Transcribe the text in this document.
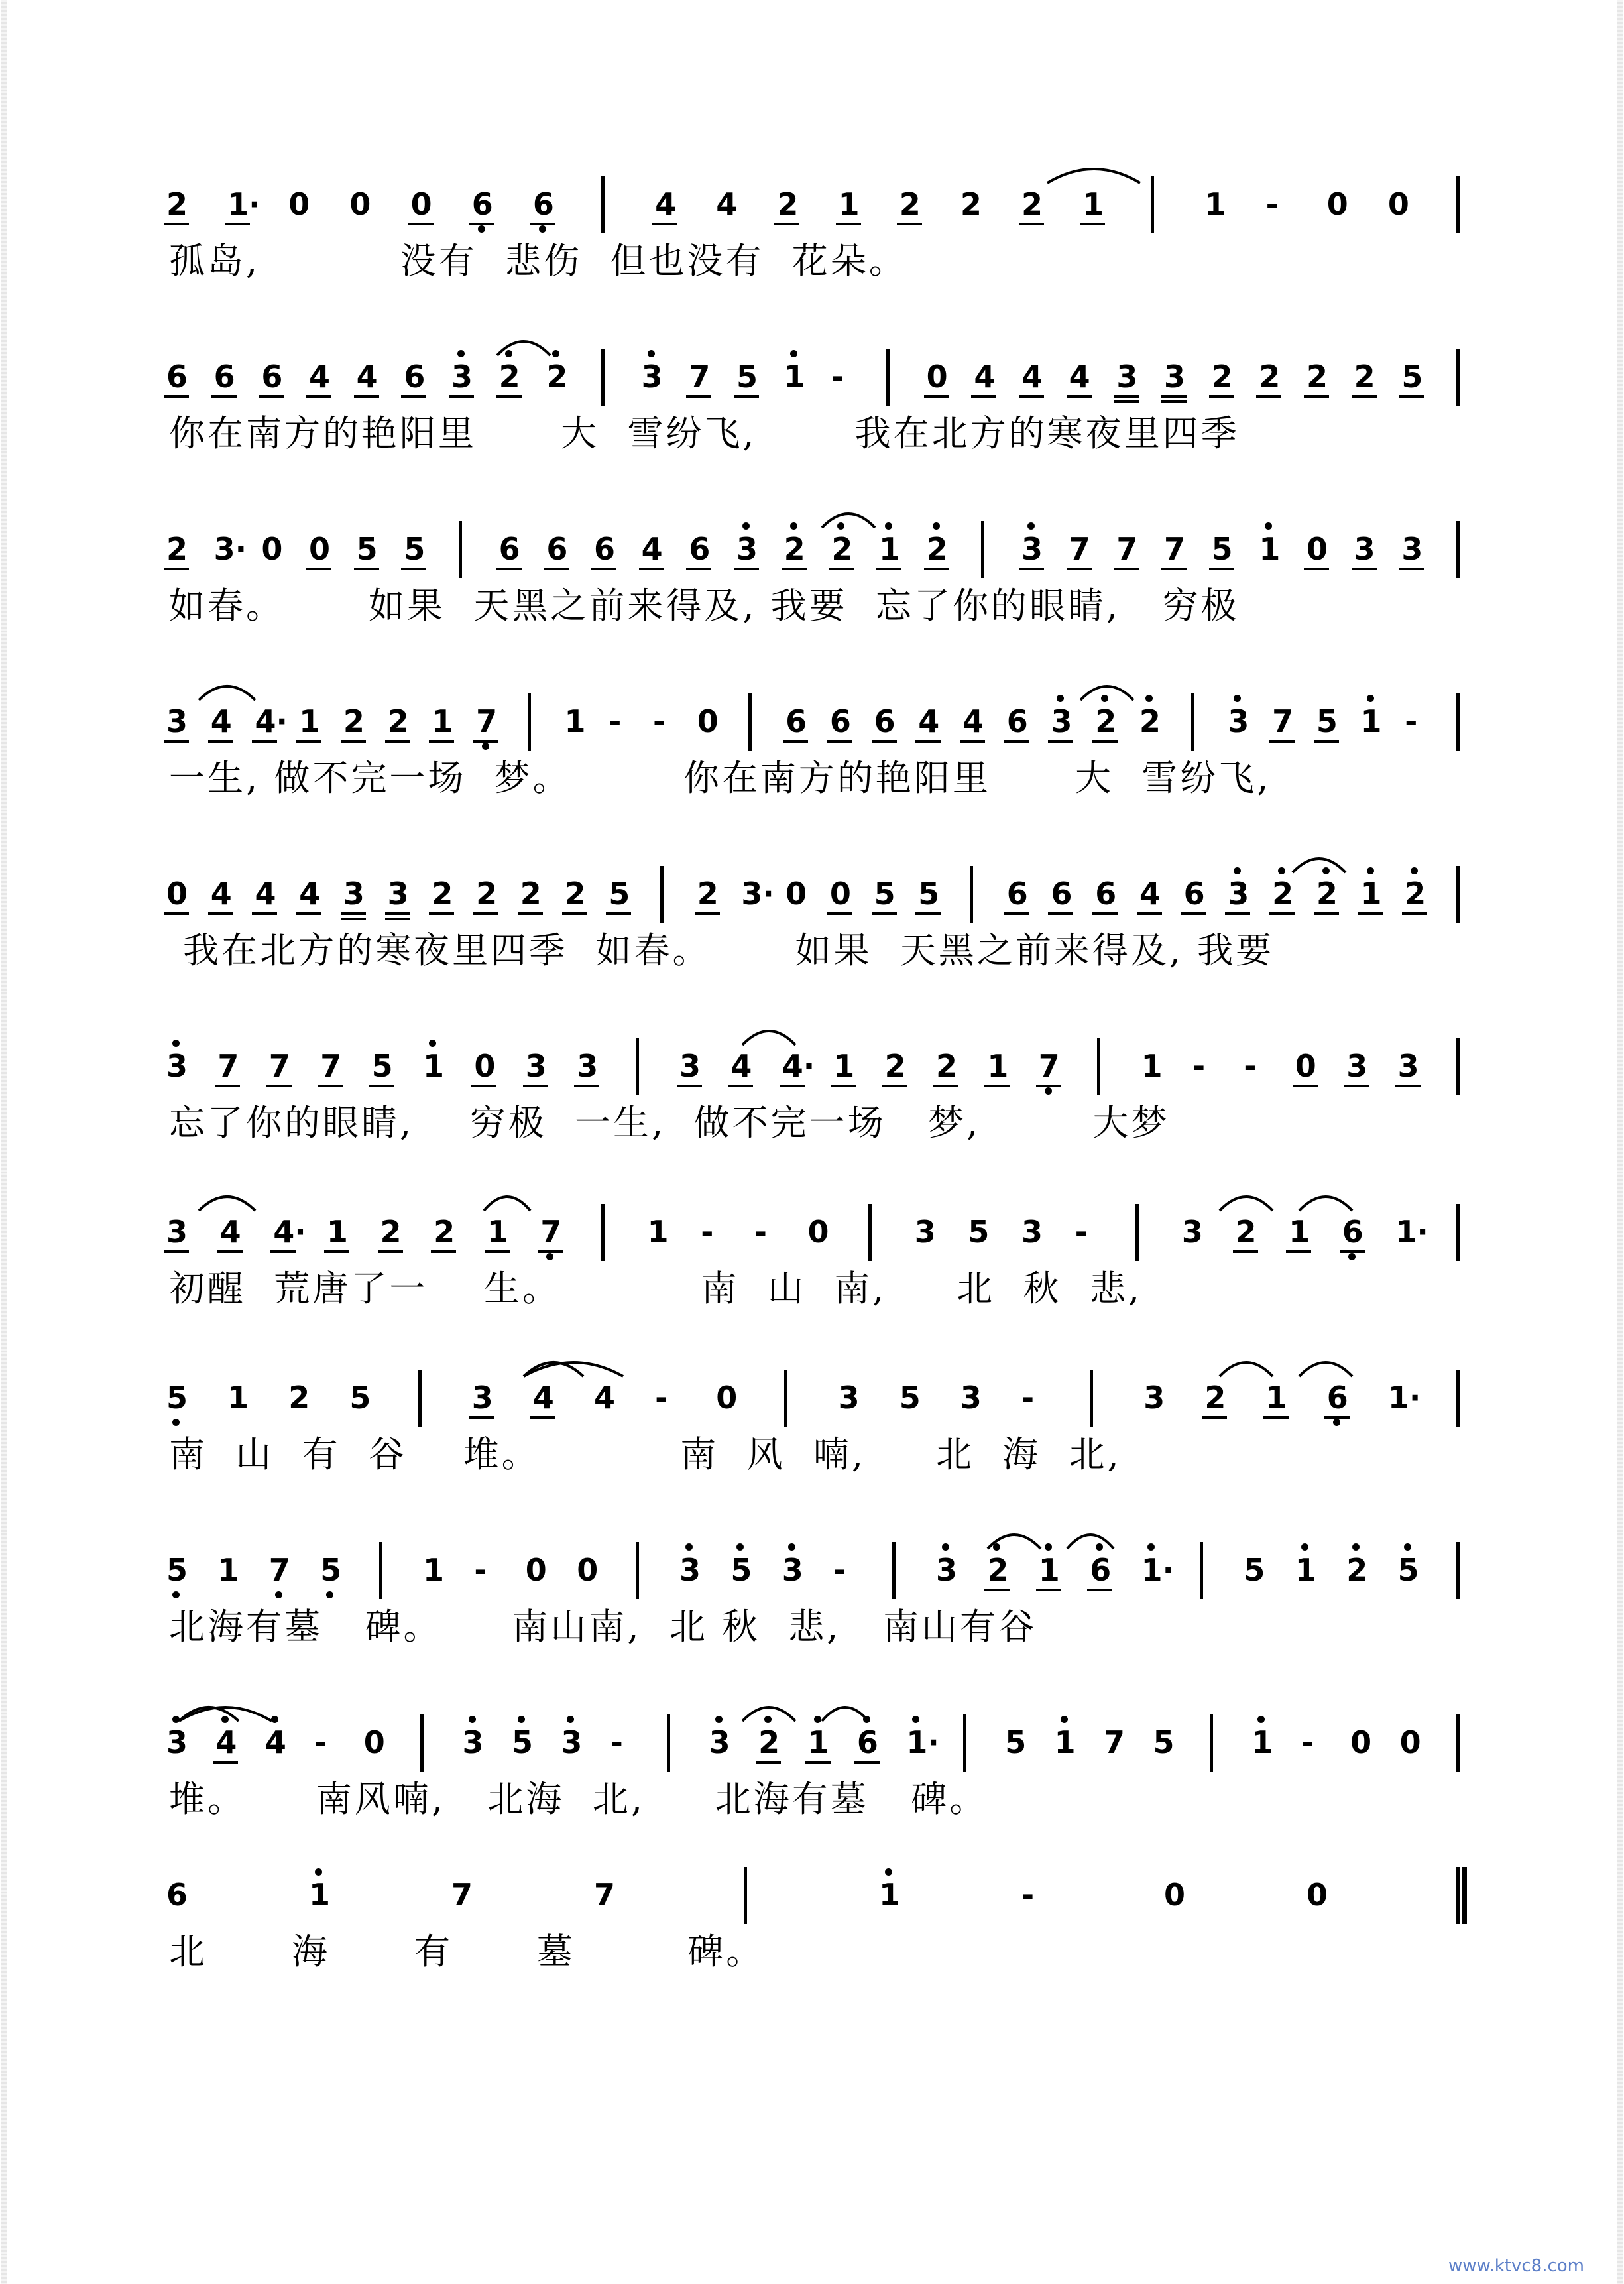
2 1· 0 0 0 6 6	4 4 2 1 2 2 2 1	1 - 0 0
孤岛,          没有  悲伤  但也没有  花朵。
6 6 6 4 4 6 3 2 2 3 7 5 1 -	0 4 4 4 3 3 2 2 2 2 5
你在南方的艳阳里      大  雪纷飞,       我在北方的寒夜里四季
2 3· 0 0 5 5 6 6 6 4 6 3 2 2 1 2 3 7 7 7 5 1 0 3 3
如春。      如果  天黑之前来得及, 我要  忘了你的眼睛,   穷极
3 4 4· 1 2 2 1 7 1 - - 0 6 6 6 4 4 6 3 2 2 3 7 5 1 -
一生, 做不完一场  梦。        你在南方的艳阳里      大  雪纷飞,
0 4 4 4 3 3 2 2 2 2 5 2 3· 0 0 5 5 6 6 6 4 6 3 2 2 1 2
我在北方的寒夜里四季  如春。      如果  天黑之前来得及, 我要
3 7 7 7 5 1 0 3 3	3 4 4· 1 2 2 1 7	1 - - 0 3 3
忘了你的眼睛,    穷极  一生,  做不完一场   梦,        大梦
3 4 4· 1 2 2 1 7	1 - - 0	3 5 3 -	3 2 1 6 1·
初醒  荒唐了一    生。          南  山  南,     北  秋  悲,
5 1 2 5	3 4 4 - 0	3 5 3 -	3 2 1 6 1·
南  山  有  谷    堆。          南  风  喃,     北  海  北,
5 1 7 5	1 - 0 0	3 5 3 -	3 2 1 6 1· 5 1 2 5
北海有墓   碑。     南山南,  北 秋  悲,   南山有谷
3 4 4 - 0	3 5 3 -	3 2 1 6 1· 5 1 7 5	1 - 0 0
堆。     南风喃,   北海  北,     北海有墓   碑。
6	1	7	7	1	-	0	0
北      海      有      墓        碑。
www.ktvc8.com
